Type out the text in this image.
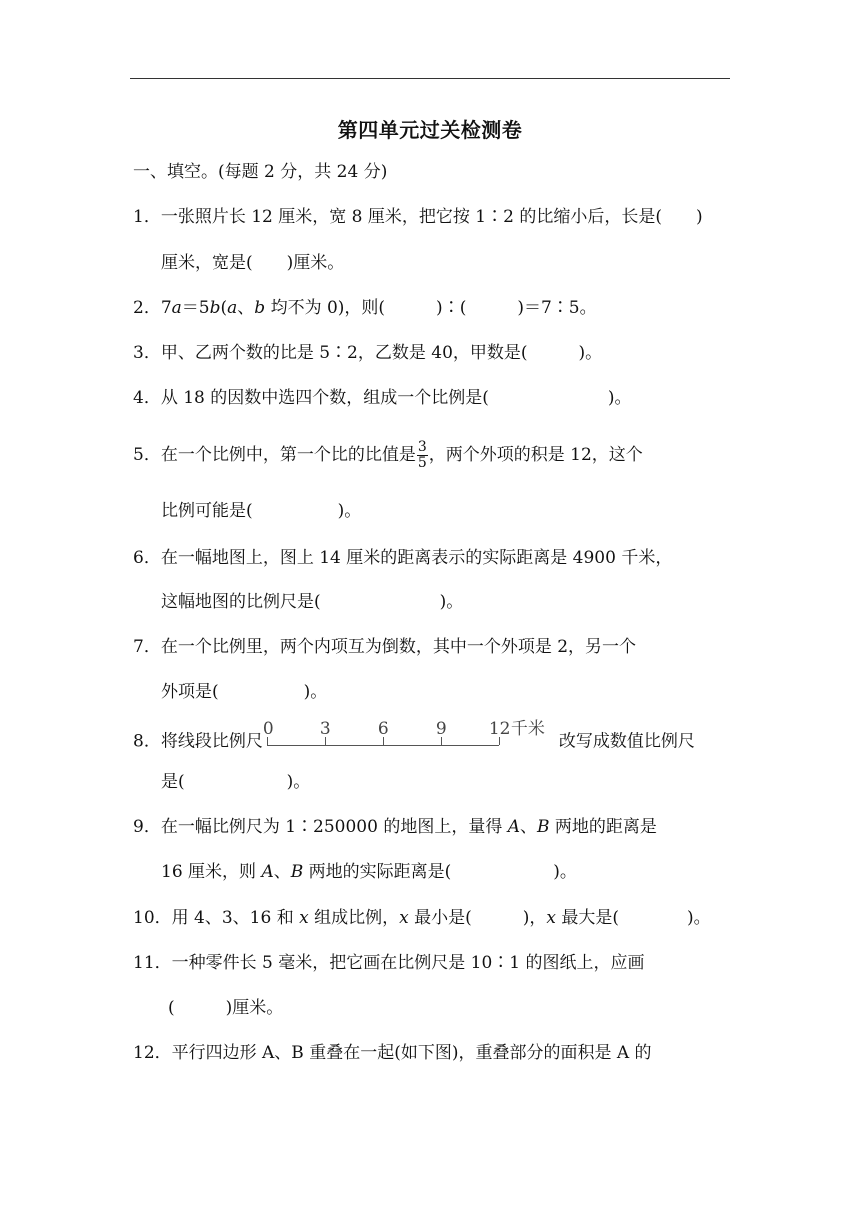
第四单元过关检测卷
一、填空。(每题 2 分，共 24 分)
1．一张照片长 12 厘米，宽 8 厘米，把它按 1∶2 的比缩小后，长是(　　)
厘米，宽是(　　)厘米。
2．7a＝5b(a、b 均不为 0)，则(　　　)∶(　　　)＝7∶5。
3．甲、乙两个数的比是 5∶2，乙数是 40，甲数是(　　　)。
4．从 18 的因数中选四个数，组成一个比例是(　　　　　　　)。
5．在一个比例中，第一个比的比值是 $\frac{3}{5}$ ，两个外项的积是 12，这个
比例可能是(　　　　　)。
6．在一幅地图上，图上 14 厘米的距离表示的实际距离是 4900 千米，
这幅地图的比例尺是(　　　　　　　)。
7．在一个比例里，两个内项互为倒数，其中一个外项是 2，另一个
外项是(　　　　　)。
8．将线段比例尺
0	3	6	9 12 千米
改写成数值比例尺
是(　　　　　　)。
9．在一幅比例尺为 1∶250000 的地图上，量得 A、B 两地的距离是
16 厘米，则 A、B 两地的实际距离是(　　　　　　)。
10．用 4、3、16 和 x 组成比例，x 最小是(　　　)，x 最大是(　　　　)。
11．一种零件长 5 毫米，把它画在比例尺是 10∶1 的图纸上，应画
(　　　)厘米。
12．平行四边形 A、B 重叠在一起(如下图)，重叠部分的面积是 A 的
